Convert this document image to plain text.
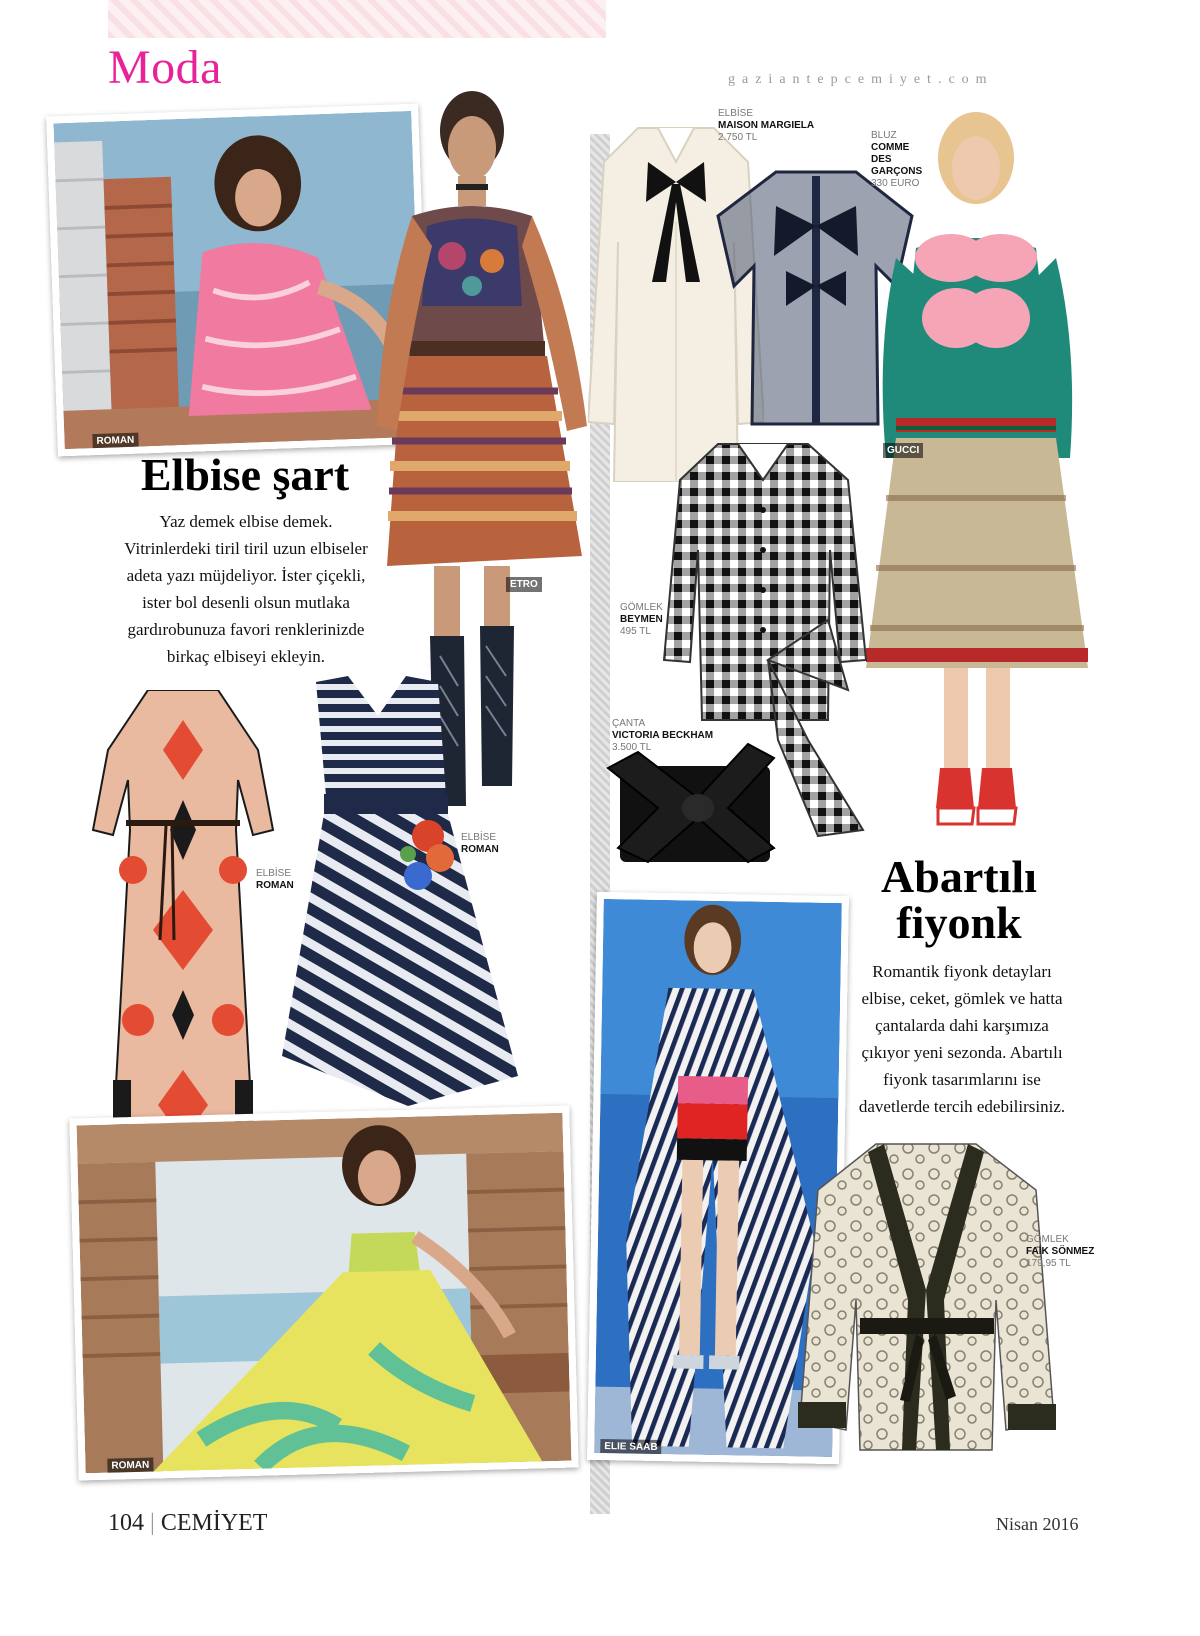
Moda	gaziantepcemiyet.com
ROMAN
ETRO
Elbise şart
Yaz demek elbise demek. Vitrinlerdeki tiril tiril uzun elbiseler adeta yazı müjdeliyor. İster çiçekli, ister bol desenli olsun mutlaka gardırobunuza favori renklerinizde birkaç elbiseyi ekleyin.
ELBİSE
ROMAN
ELBİSE
ROMAN
ROMAN
ELBİSE
MAISON MARGIELA
2.750 TL	BLUZ
COMME DES GARÇONS
330 EURO
GUCCI
GÖMLEK
BEYMEN
495 TL
ÇANTA
VICTORIA BECKHAM
3.500 TL
Abartılı
fiyonk
Romantik fiyonk detayları elbise, ceket, gömlek ve hatta çantalarda dahi karşımıza çıkıyor yeni sezonda. Abartılı fiyonk tasarımlarını ise davetlerde tercih edebilirsiniz.
ELIE SAAB
GÖMLEK
FAİK SÖNMEZ
179,95 TL
104 | CEMİYET	Nisan 2016
